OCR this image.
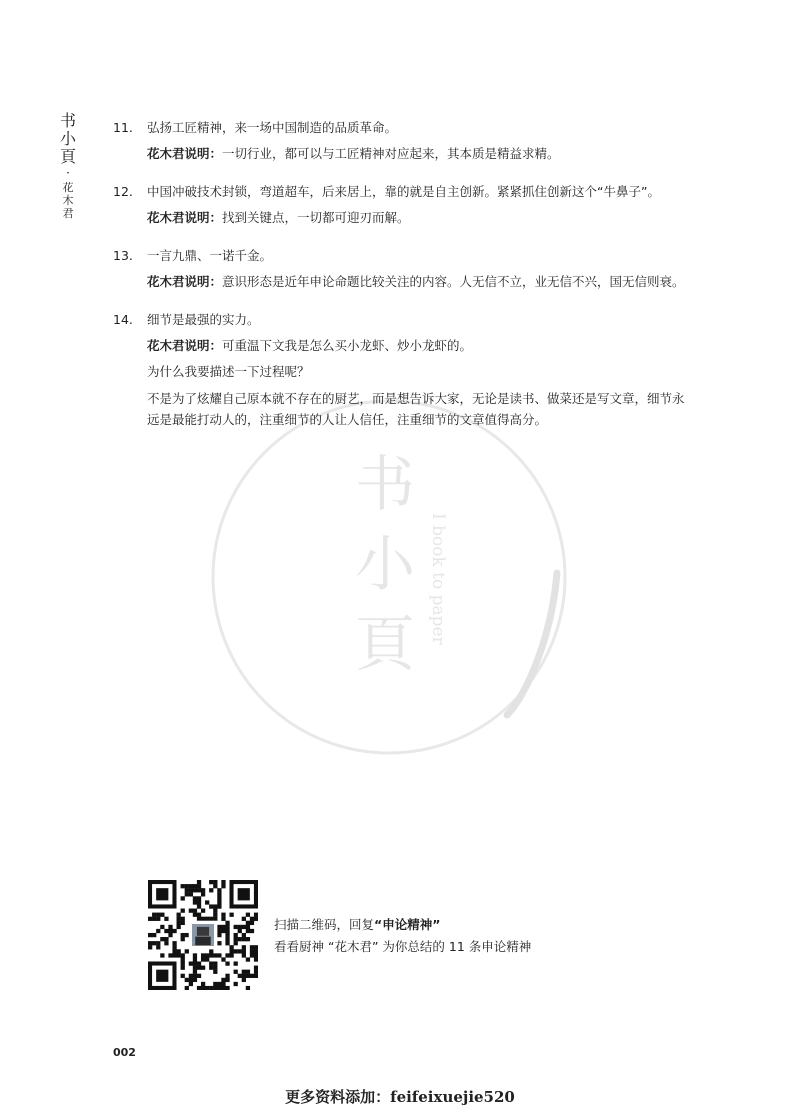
书
小
頁
·
花
木
君
书
小
頁
I book to paper
11. 弘扬工匠精神，来一场中国制造的品质革命。

花木君说明：一切行业，都可以与工匠精神对应起来，其本质是精益求精。

12. 中国冲破技术封锁，弯道超车，后来居上，靠的就是自主创新。紧紧抓住创新这个“牛鼻子”。

花木君说明：找到关键点，一切都可迎刃而解。

13. 一言九鼎、一诺千金。

花木君说明：意识形态是近年申论命题比较关注的内容。人无信不立，业无信不兴，国无信则衰。

14. 细节是最强的实力。

花木君说明：可重温下文我是怎么买小龙虾、炒小龙虾的。

为什么我要描述一下过程呢？

不是为了炫耀自己原本就不存在的厨艺，而是想告诉大家，无论是读书、做菜还是写文章，细节永远是最能打动人的，注重细节的人让人信任，注重细节的文章值得高分。

扫描二维码，回复“申论精神”
看看厨神 “花木君” 为你总结的 11 条申论精神
002
更多资料添加：feifeixuejie520
